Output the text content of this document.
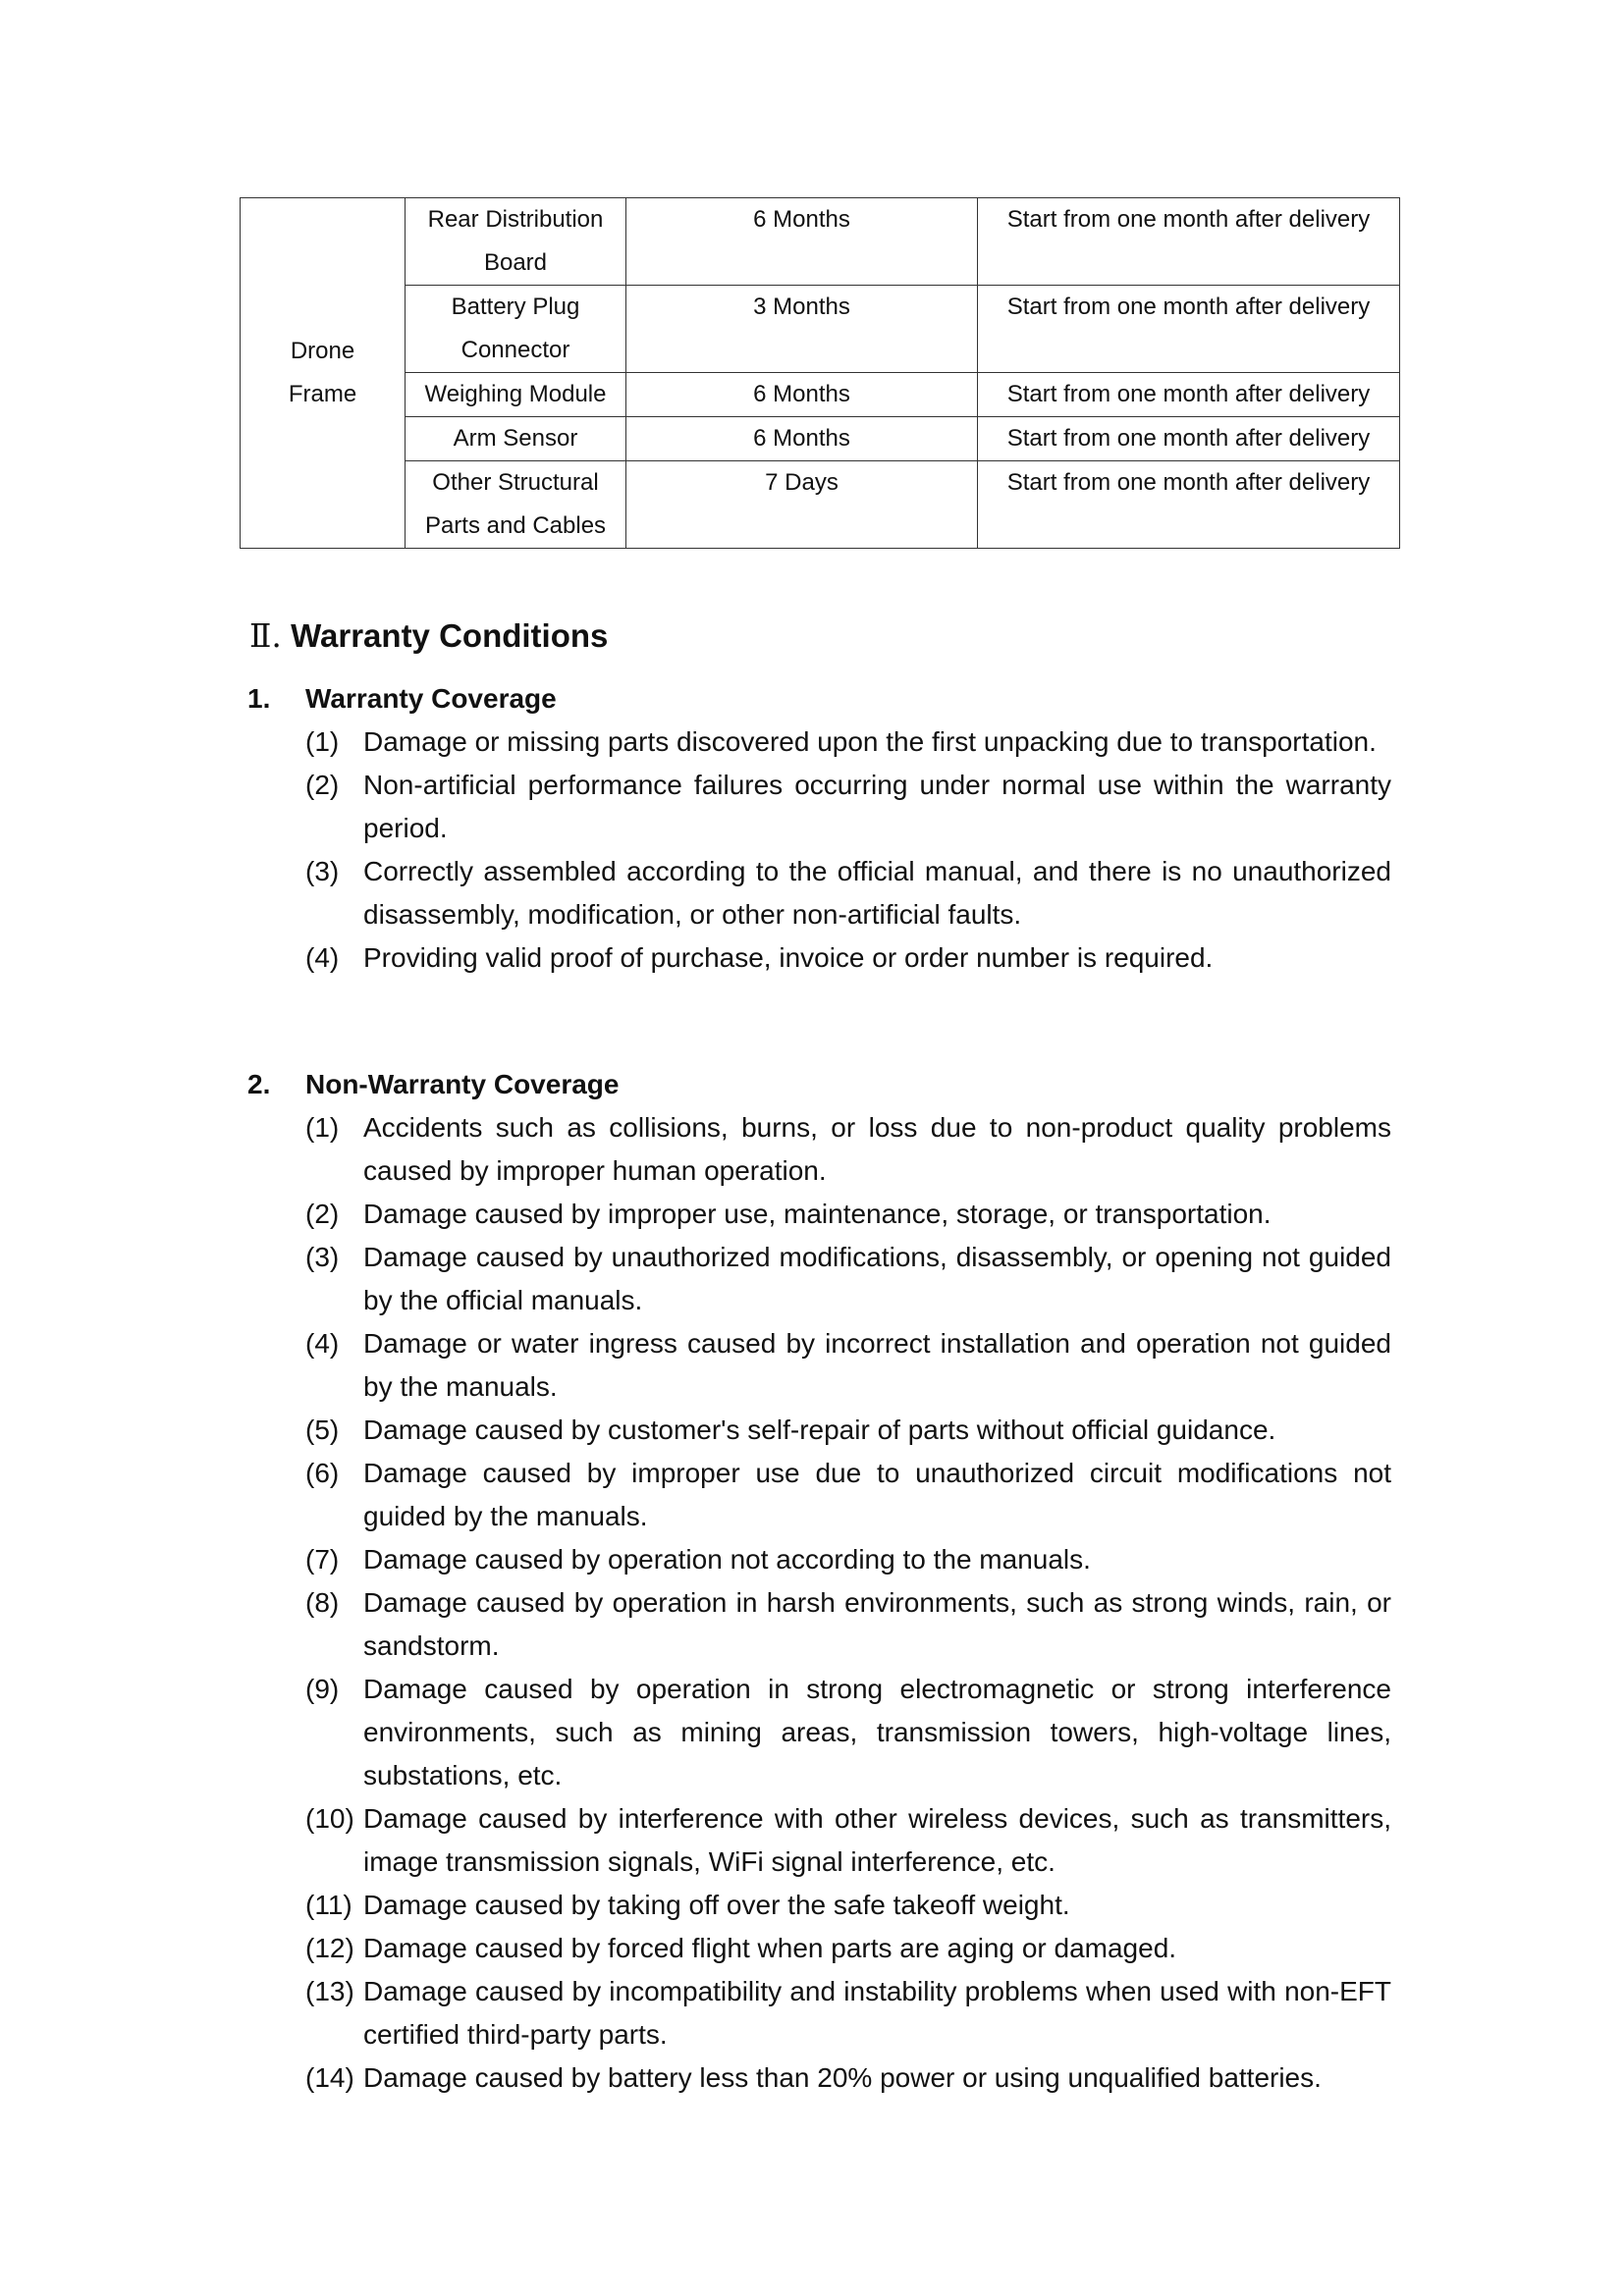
Drone
Frame	Rear Distribution Board	6 Months	Start from one month after delivery
	Battery Plug Connector	3 Months	Start from one month after delivery
	Weighing Module	6 Months	Start from one month after delivery
	Arm Sensor	6 Months	Start from one month after delivery
	Other Structural Parts and Cables	7 Days	Start from one month after delivery
Ⅱ. Warranty Conditions
1.	Warranty Coverage
(1) Damage or missing parts discovered upon the first unpacking due to transportation.
(2) Non-artificial performance failures occurring under normal use within the warranty period.
(3) Correctly assembled according to the official manual, and there is no unauthorized disassembly, modification, or other non-artificial faults.
(4) Providing valid proof of purchase, invoice or order number is required.
2.	Non-Warranty Coverage
(1) Accidents such as collisions, burns, or loss due to non-product quality problems caused by improper human operation.
(2) Damage caused by improper use, maintenance, storage, or transportation.
(3) Damage caused by unauthorized modifications, disassembly, or opening not guided by the official manuals.
(4) Damage or water ingress caused by incorrect installation and operation not guided by the manuals.
(5) Damage caused by customer's self-repair of parts without official guidance.
(6) Damage caused by improper use due to unauthorized circuit modifications not guided by the manuals.
(7) Damage caused by operation not according to the manuals.
(8) Damage caused by operation in harsh environments, such as strong winds, rain, or sandstorm.
(9) Damage caused by operation in strong electromagnetic or strong interference environments, such as mining areas, transmission towers, high-voltage lines, substations, etc.
(10) Damage caused by interference with other wireless devices, such as transmitters, image transmission signals, WiFi signal interference, etc.
(11) Damage caused by taking off over the safe takeoff weight.
(12) Damage caused by forced flight when parts are aging or damaged.
(13) Damage caused by incompatibility and instability problems when used with non-EFT certified third-party parts.
(14) Damage caused by battery less than 20% power or using unqualified batteries.
